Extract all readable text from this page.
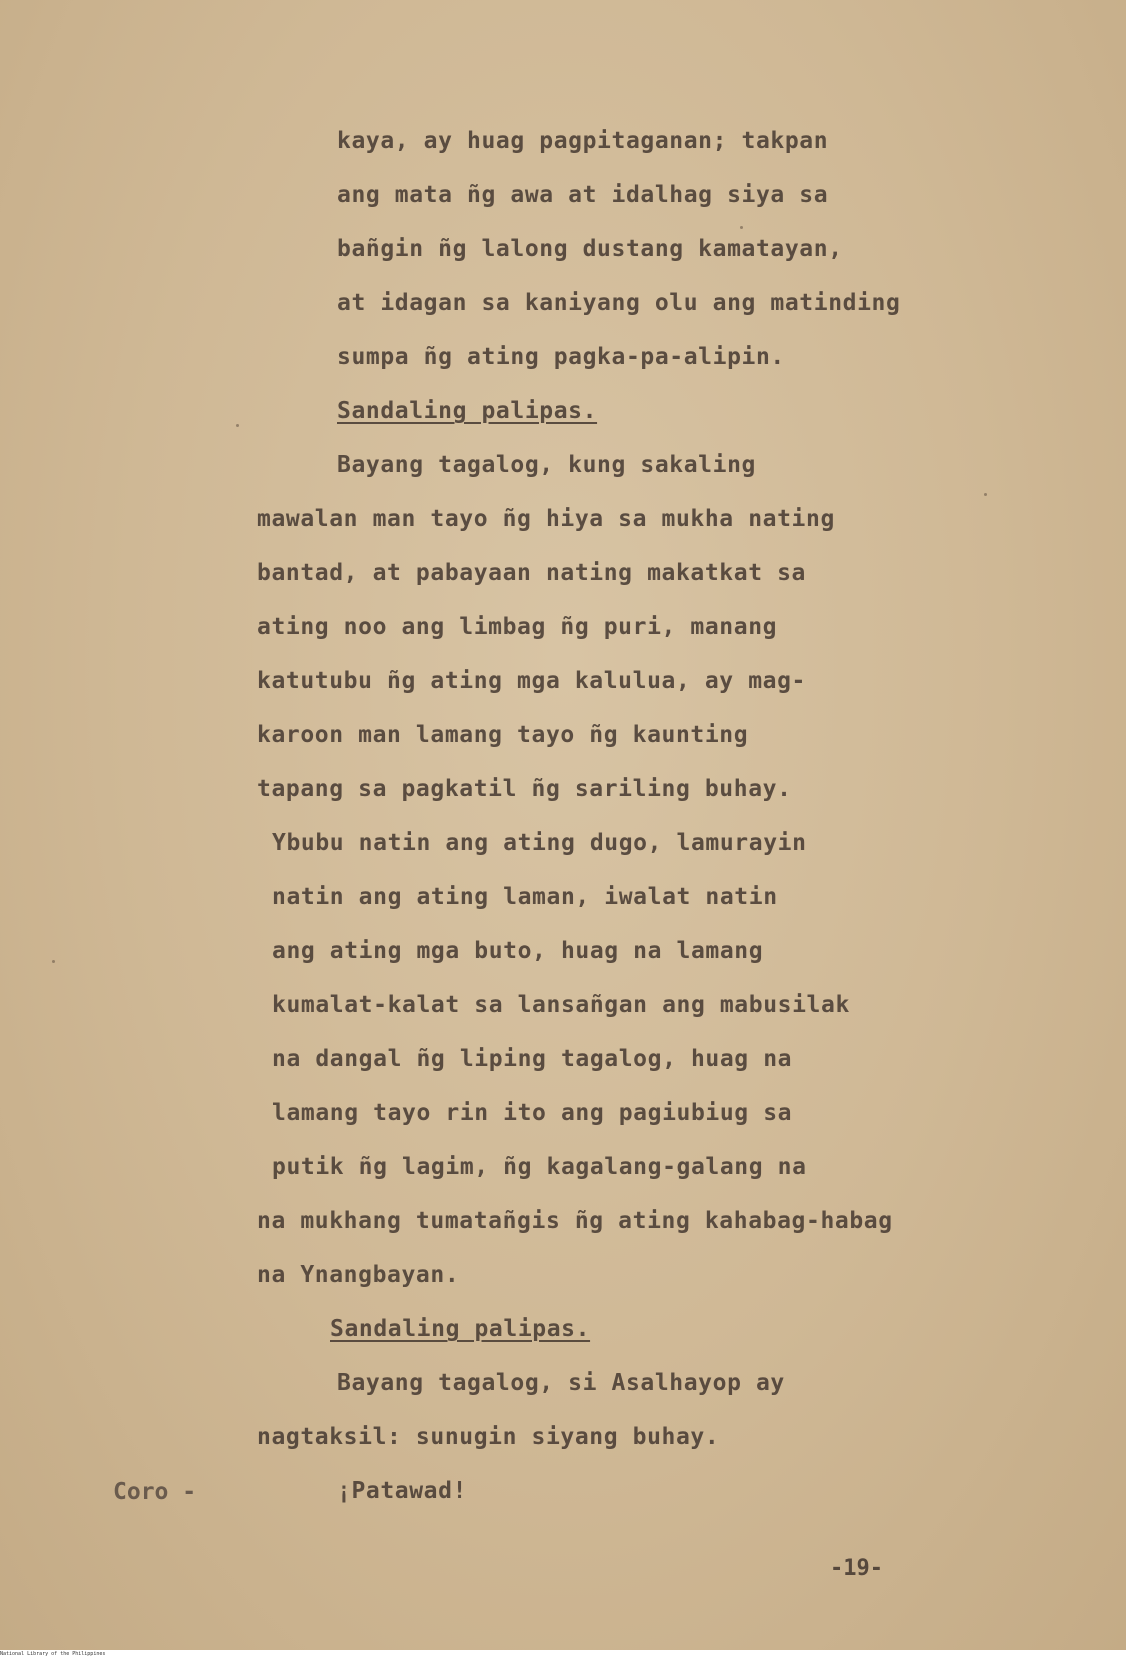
kaya, ay huag pagpitaganan; takpan
ang mata ñg awa at idalhag siya sa
bañgin ñg lalong dustang kamatayan,
at idagan sa kaniyang olu ang matinding
sumpa ñg ating pagka-pa-alipin.
Sandaling palipas.
Bayang tagalog, kung sakaling
mawalan man tayo ñg hiya sa mukha nating
bantad, at pabayaan nating makatkat sa
ating noo ang limbag ñg puri, manang
katutubu ñg ating mga kalulua, ay mag-
karoon man lamang tayo ñg kaunting
tapang sa pagkatil ñg sariling buhay.
Ybubu natin ang ating dugo, lamurayin
natin ang ating laman, iwalat natin
ang ating mga buto, huag na lamang
kumalat-kalat sa lansañgan ang mabusilak
na dangal ñg liping tagalog, huag na
lamang tayo rin ito ang pagiubiug sa
putik ñg lagim, ñg kagalang-galang na
na mukhang tumatañgis ñg ating kahabag-habag
na Ynangbayan.
Sandaling palipas.
Bayang tagalog, si Asalhayop ay
nagtaksil: sunugin siyang buhay.
Coro -	¡Patawad!
-19-
National Library of the Philippines
